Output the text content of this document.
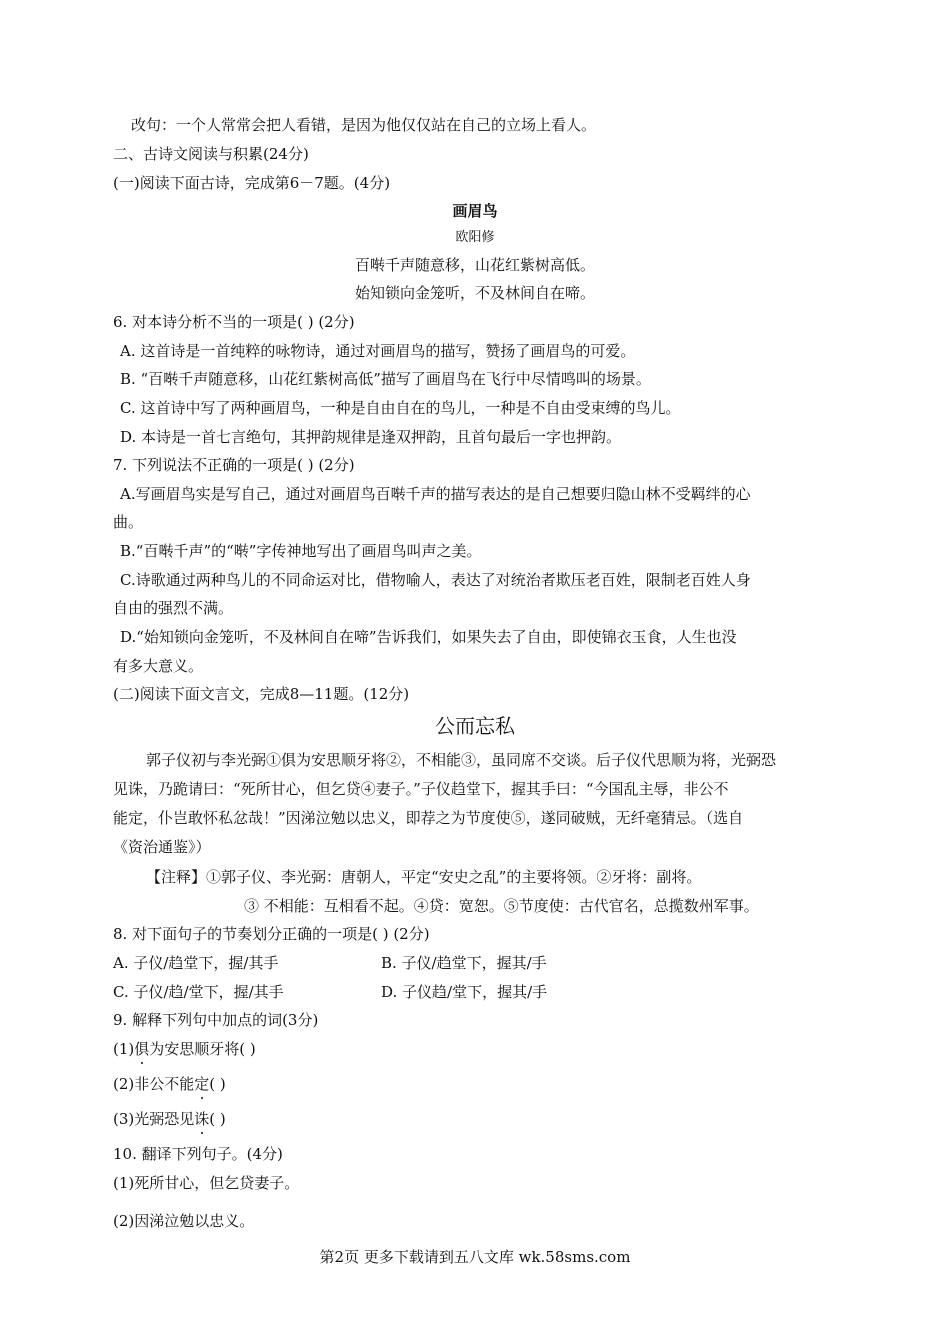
改句：一个人常常会把人看错，是因为他仅仅站在自己的立场上看人。
二、古诗文阅读与积累(24分)
(一)阅读下面古诗，完成第6－7题。(4分)
画眉鸟
欧阳修
百啭千声随意移，山花红紫树高低。
始知锁向金笼听，不及林间自在啼。
6. 对本诗分析不当的一项是( ) (2分)
A. 这首诗是一首纯粹的咏物诗，通过对画眉鸟的描写，赞扬了画眉鸟的可爱。
B. “百啭千声随意移，山花红紫树高低”描写了画眉鸟在飞行中尽情鸣叫的场景。
C. 这首诗中写了两种画眉鸟，一种是自由自在的鸟儿，一种是不自由受束缚的鸟儿。
D. 本诗是一首七言绝句，其押韵规律是逢双押韵，且首句最后一字也押韵。
7. 下列说法不正确的一项是( ) (2分)
A.写画眉鸟实是写自己，通过对画眉鸟百啭千声的描写表达的是自己想要归隐山林不受羁绊的心
曲。
B.“百啭千声”的“啭”字传神地写出了画眉鸟叫声之美。
C.诗歌通过两种鸟儿的不同命运对比，借物喻人，表达了对统治者欺压老百姓，限制老百姓人身
自由的强烈不满。
D.“始知锁向金笼听，不及林间自在啼”告诉我们，如果失去了自由，即使锦衣玉食，人生也没
有多大意义。
(二)阅读下面文言文，完成8—11题。(12分)
公而忘私
郭子仪初与李光弼①俱为安思顺牙将②，不相能③，虽同席不交谈。后子仪代思顺为将，光弼恐
见诛，乃跪请曰：“死所甘心，但乞贷④妻子。”子仪趋堂下，握其手曰：“今国乱主辱，非公不
能定，仆岂敢怀私忿哉！”因涕泣勉以忠义，即荐之为节度使⑤，遂同破贼，无纤毫猜忌。（选自
《资治通鉴》）
【注释】①郭子仪、李光弼：唐朝人，平定“安史之乱”的主要将领。②牙将：副将。
③ 不相能：互相看不起。④贷：宽恕。⑤节度使：古代官名，总揽数州军事。
8. 对下面句子的节奏划分正确的一项是( ) (2分)
A. 子仪/趋堂下，握/其手	B. 子仪/趋堂下，握其/手
C. 子仪/趋/堂下，握/其手	D. 子仪趋/堂下，握其/手
9. 解释下列句中加点的词(3分)
(1)俱为安思顺牙将( )
(2)非公不能定( )
(3)光弼恐见诛( )
10. 翻译下列句子。(4分)
(1)死所甘心，但乞贷妻子。
(2)因涕泣勉以忠义。
第2页 更多下载请到五八文库 wk.58sms.com
